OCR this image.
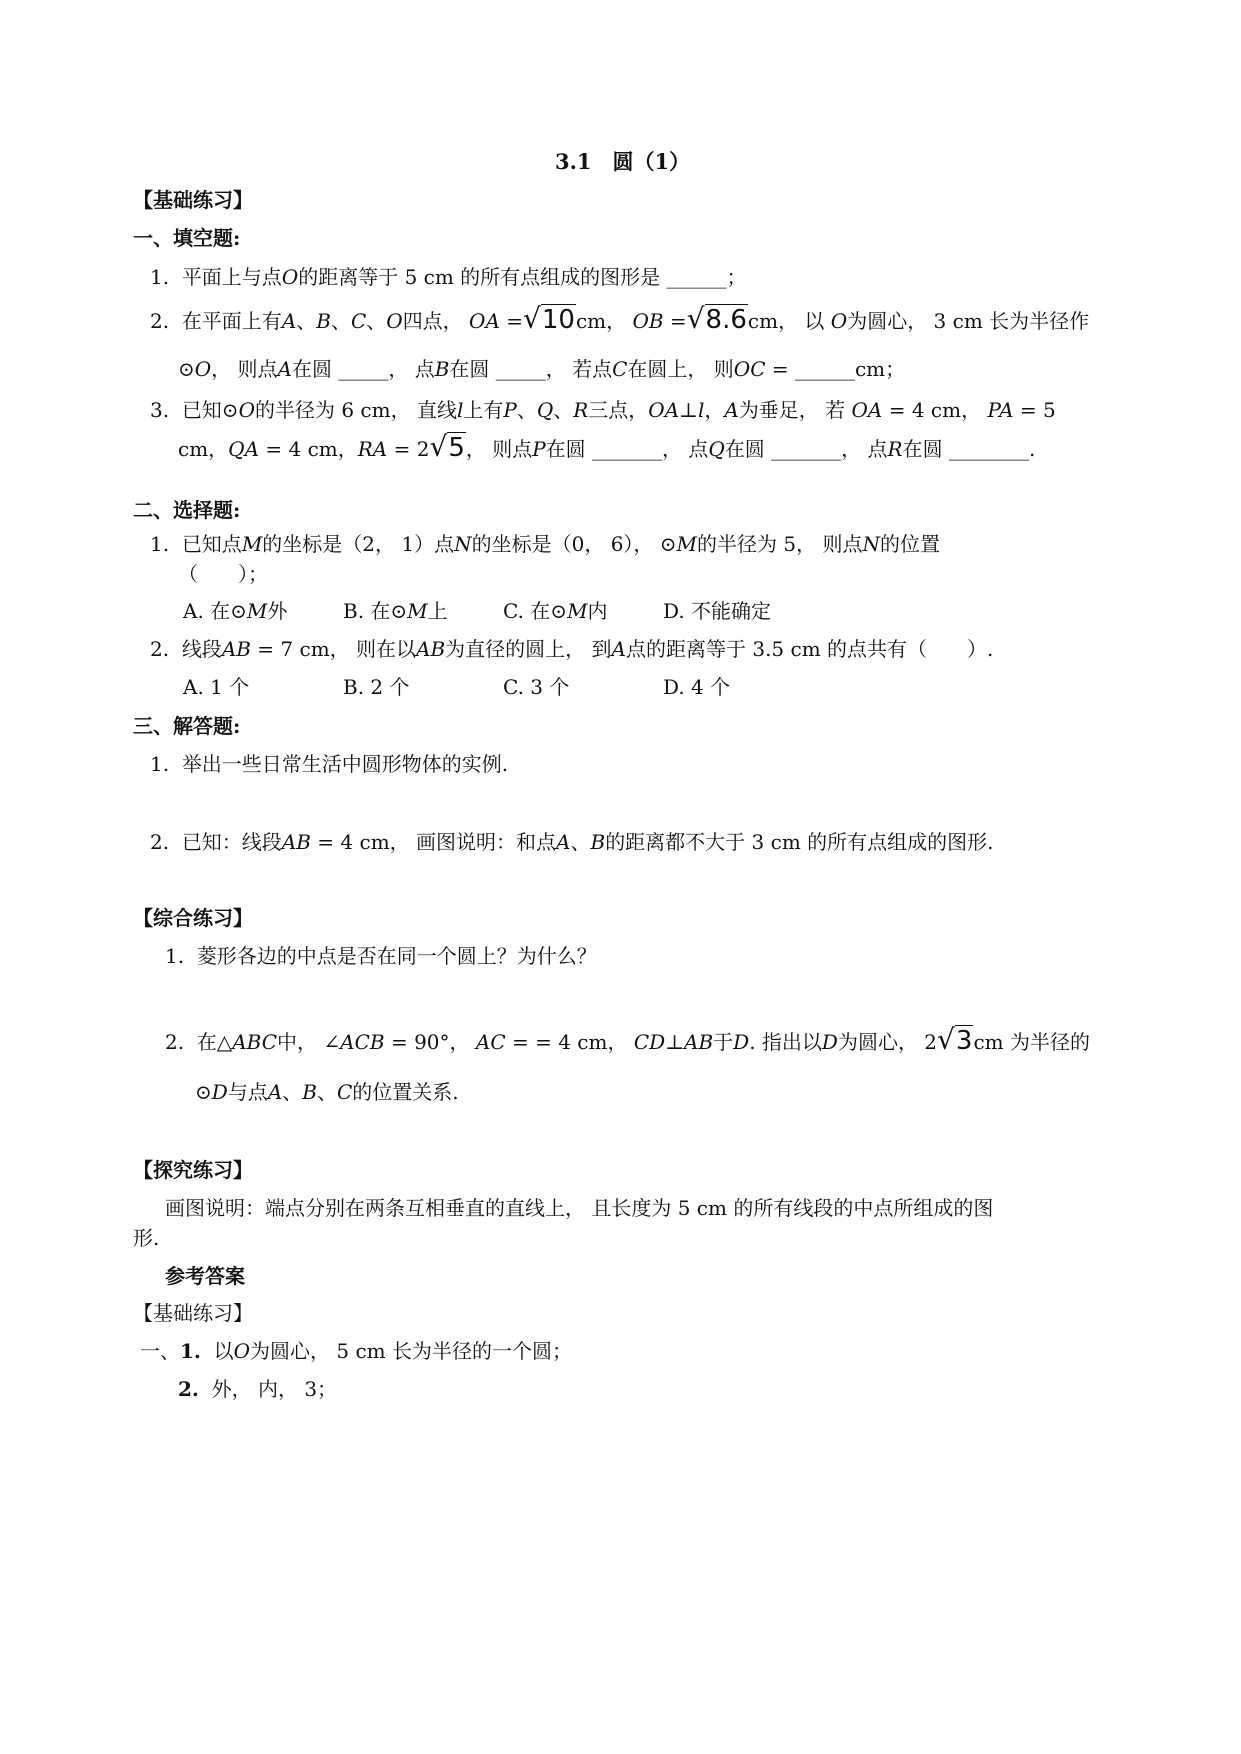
3.1　圆（1）
【基础练习】
一、填空题:
1. 平面上与点O的距离等于 5 cm 的所有点组成的图形是 ______；
2. 在平面上有A、B、C、O四点， OA =√10cm， OB =√8.6cm， 以 O为圆心， 3 cm 长为半径作
⊙O， 则点A在圆 _____， 点B在圆 _____， 若点C在圆上， 则OC = ______cm；
3. 已知⊙O的半径为 6 cm， 直线l上有P、Q、R三点，OA⊥l，A为垂足， 若 OA = 4 cm， PA = 5
cm，QA = 4 cm，RA = 2√5， 则点P在圆 _______， 点Q在圆 _______， 点R在圆 ________.
二、选择题:
1. 已知点M的坐标是（2， 1）点N的坐标是（0， 6）， ⊙M的半径为 5， 则点N的位置
（　　）；
A. 在⊙M外	B. 在⊙M上	C. 在⊙M内	D. 不能确定
2. 线段AB = 7 cm， 则在以AB为直径的圆上， 到A点的距离等于 3.5 cm 的点共有（　　）.
A. 1 个	B. 2 个	C. 3 个	D. 4 个
三、解答题:
1. 举出一些日常生活中圆形物体的实例.
2. 已知：线段AB = 4 cm， 画图说明：和点A、B的距离都不大于 3 cm 的所有点组成的图形.
【综合练习】
1. 菱形各边的中点是否在同一个圆上？为什么？
2. 在△ABC中， ∠ACB = 90°， AC = = 4 cm， CD⊥AB于D. 指出以D为圆心， 2√3cm 为半径的
⊙D与点A、B、C的位置关系.
【探究练习】
画图说明：端点分别在两条互相垂直的直线上， 且长度为 5 cm 的所有线段的中点所组成的图
形.
参考答案
【基础练习】
一、1. 以O为圆心， 5 cm 长为半径的一个圆；
2. 外， 内， 3；
